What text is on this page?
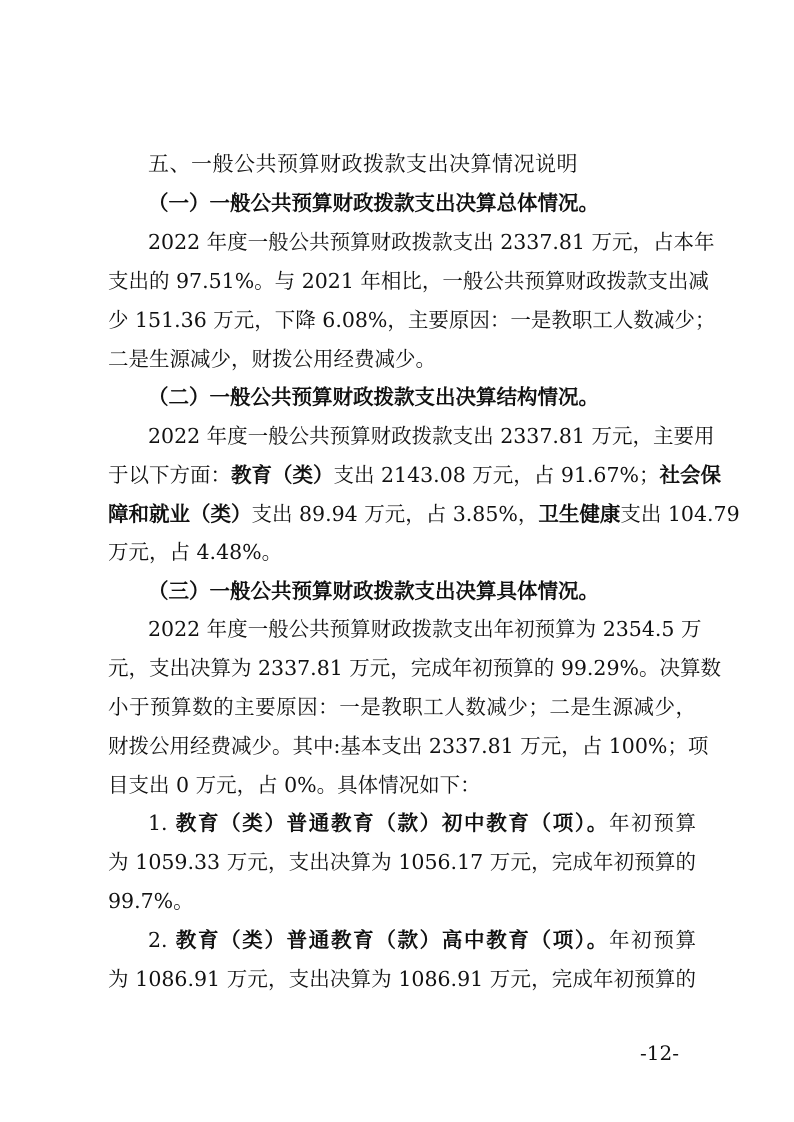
五、一般公共预算财政拨款支出决算情况说明
（一）一般公共预算财政拨款支出决算总体情况。
2022 年度一般公共预算财政拨款支出 2337.81 万元，占本年
支出的 97.51%。与 2021 年相比，一般公共预算财政拨款支出减
少 151.36 万元，下降 6.08%，主要原因：一是教职工人数减少；
二是生源减少，财拨公用经费减少。
（二）一般公共预算财政拨款支出决算结构情况。
2022 年度一般公共预算财政拨款支出 2337.81 万元，主要用
于以下方面：教育（类）支出 2143.08 万元，占 91.67%；社会保
障和就业（类）支出 89.94 万元，占 3.85%，卫生健康支出 104.79
万元，占 4.48%。
（三）一般公共预算财政拨款支出决算具体情况。
2022 年度一般公共预算财政拨款支出年初预算为 2354.5 万
元，支出决算为 2337.81 万元，完成年初预算的 99.29%。决算数
小于预算数的主要原因：一是教职工人数减少；二是生源减少，
财拨公用经费减少。其中:基本支出 2337.81 万元，占 100%；项
目支出 0 万元，占 0%。具体情况如下：
1. 教育（类）普通教育（款）初中教育（项）。年初预算
为 1059.33 万元，支出决算为 1056.17 万元，完成年初预算的
99.7%。
2. 教育（类）普通教育（款）高中教育（项）。年初预算
为 1086.91 万元，支出决算为 1086.91 万元，完成年初预算的
-12-
